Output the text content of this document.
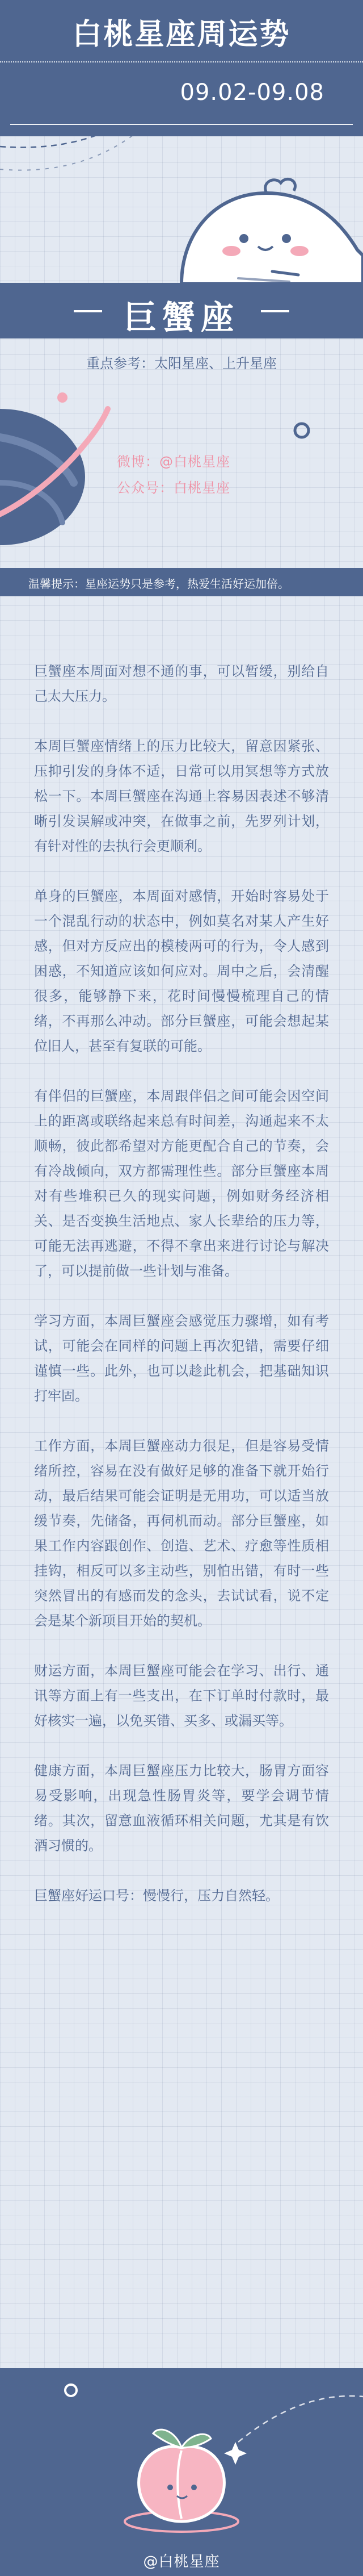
白桃星座周运势
09.02-09.08
巨蟹座
重点参考：太阳星座、上升星座
微博：@白桃星座
公众号：白桃星座
温馨提示：星座运势只是参考，热爱生活好运加倍。

巨蟹座本周面对想不通的事，可以暂缓，别给自己太大压力。

本周巨蟹座情绪上的压力比较大，留意因紧张、压抑引发的身体不适，日常可以用冥想等方式放松一下。本周巨蟹座在沟通上容易因表述不够清晰引发误解或冲突，在做事之前，先罗列计划，有针对性的去执行会更顺利。

单身的巨蟹座，本周面对感情，开始时容易处于一个混乱行动的状态中，例如莫名对某人产生好感，但对方反应出的模棱两可的行为，令人感到困惑，不知道应该如何应对。周中之后，会清醒很多，能够静下来，花时间慢慢梳理自己的情绪，不再那么冲动。部分巨蟹座，可能会想起某位旧人，甚至有复联的可能。

有伴侣的巨蟹座，本周跟伴侣之间可能会因空间上的距离或联络起来总有时间差，沟通起来不太顺畅，彼此都希望对方能更配合自己的节奏，会有冷战倾向，双方都需理性些。部分巨蟹座本周对有些堆积已久的现实问题，例如财务经济相关、是否变换生活地点、家人长辈给的压力等，可能无法再逃避，不得不拿出来进行讨论与解决了，可以提前做一些计划与准备。

学习方面，本周巨蟹座会感觉压力骤增，如有考试，可能会在同样的问题上再次犯错，需要仔细谨慎一些。此外，也可以趁此机会，把基础知识打牢固。

工作方面，本周巨蟹座动力很足，但是容易受情绪所控，容易在没有做好足够的准备下就开始行动，最后结果可能会证明是无用功，可以适当放缓节奏，先储备，再伺机而动。部分巨蟹座，如果工作内容跟创作、创造、艺术、疗愈等性质相挂钩，相反可以多主动些，别怕出错，有时一些突然冒出的有感而发的念头，去试试看，说不定会是某个新项目开始的契机。

财运方面，本周巨蟹座可能会在学习、出行、通讯等方面上有一些支出，在下订单时付款时，最好核实一遍，以免买错、买多、或漏买等。

健康方面，本周巨蟹座压力比较大，肠胃方面容易受影响，出现急性肠胃炎等，要学会调节情绪。其次，留意血液循环相关问题，尤其是有饮酒习惯的。

巨蟹座好运口号：慢慢行，压力自然轻。

@白桃星座
